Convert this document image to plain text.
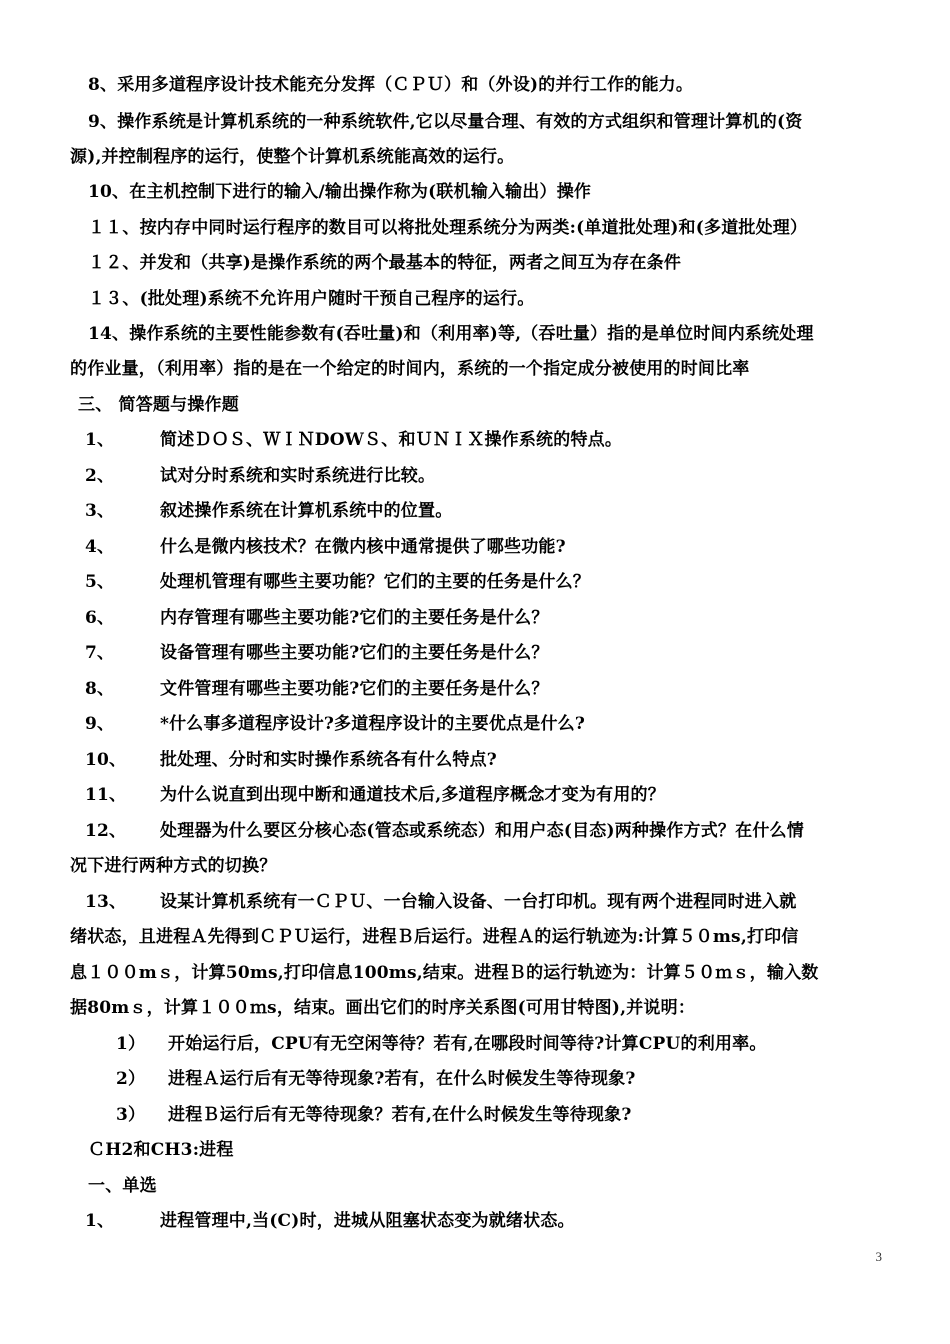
8、采用多道程序设计技术能充分发挥（ＣＰＵ）和（外设)的并行工作的能力。
9、操作系统是计算机系统的一种系统软件,它以尽量合理、有效的方式组织和管理计算机的(资
源),并控制程序的运行，使整个计算机系统能高效的运行。
10、在主机控制下进行的输入/输出操作称为(联机输入输出）操作
１１、按内存中同时运行程序的数目可以将批处理系统分为两类:(单道批处理)和(多道批处理）
１２、并发和（共享)是操作系统的两个最基本的特征，两者之间互为存在条件
１３、(批处理)系统不允许用户随时干预自己程序的运行。
14、操作系统的主要性能参数有(吞吐量)和（利用率)等,（吞吐量）指的是单位时间内系统处理
的作业量，（利用率）指的是在一个给定的时间内，系统的一个指定成分被使用的时间比率
三、 简答题与操作题
1、	简述ＤＯＳ、ＷＩＮDOWＳ、和ＵＮＩＸ操作系统的特点。
2、	试对分时系统和实时系统进行比较。
3、	叙述操作系统在计算机系统中的位置。
4、	什么是微内核技术？在微内核中通常提供了哪些功能?
5、	处理机管理有哪些主要功能？它们的主要的任务是什么？
6、	内存管理有哪些主要功能?它们的主要任务是什么？
7、	设备管理有哪些主要功能?它们的主要任务是什么？
8、	文件管理有哪些主要功能?它们的主要任务是什么？
9、	*什么事多道程序设计?多道程序设计的主要优点是什么?
10、 批处理、分时和实时操作系统各有什么特点?
11、 为什么说直到出现中断和通道技术后,多道程序概念才变为有用的？
12、 处理器为什么要区分核心态(管态或系统态）和用户态(目态)两种操作方式？在什么情
况下进行两种方式的切换？
13、 设某计算机系统有一ＣＰＵ、一台输入设备、一台打印机。现有两个进程同时进入就
绪状态，且进程Ａ先得到ＣＰＵ运行，进程Ｂ后运行。进程Ａ的运行轨迹为:计算５０ms,打印信
息１００mｓ，计算50ms,打印信息100ms,结束。进程Ｂ的运行轨迹为：计算５０ｍｓ，输入数
据80mｓ，计算１００ｍs，结束。画出它们的时序关系图(可用甘特图),并说明：
1） 开始运行后，CPU有无空闲等待？若有,在哪段时间等待?计算CPU的利用率。
2） 进程Ａ运行后有无等待现象?若有，在什么时候发生等待现象?
3） 进程Ｂ运行后有无等待现象？若有,在什么时候发生等待现象?
ＣH2和CH3:进程
一、单选
1、	进程管理中,当(C)时，进城从阻塞状态变为就绪状态。
3
